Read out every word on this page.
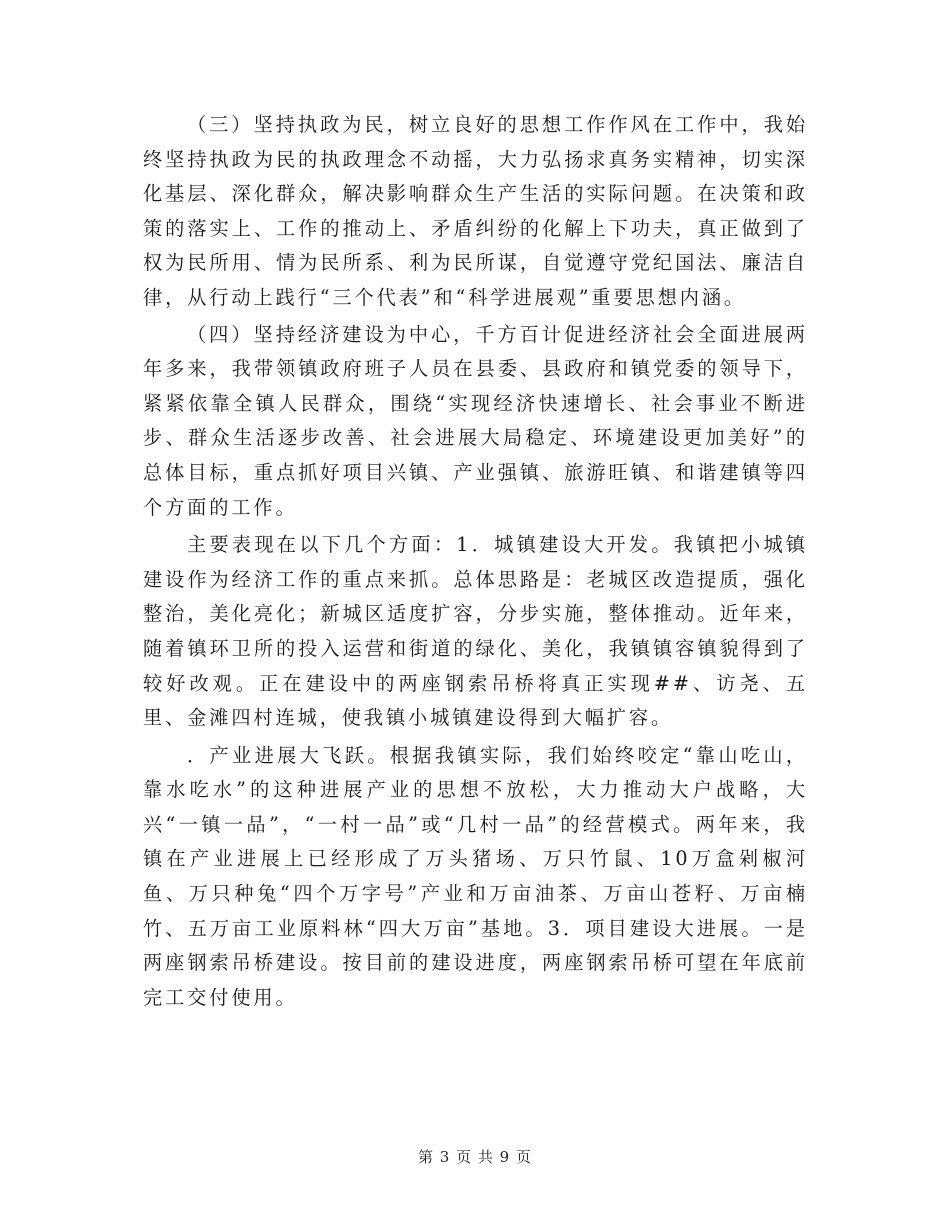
（三）坚持执政为民，树立良好的思想工作作风在工作中，我始终坚持执政为民的执政理念不动摇，大力弘扬求真务实精神，切实深化基层、深化群众，解决影响群众生产生活的实际问题。在决策和政策的落实上、工作的推动上、矛盾纠纷的化解上下功夫，真正做到了权为民所用、情为民所系、利为民所谋，自觉遵守党纪国法、廉洁自律，从行动上践行“三个代表”和“科学进展观”重要思想内涵。

（四）坚持经济建设为中心，千方百计促进经济社会全面进展两年多来，我带领镇政府班子人员在县委、县政府和镇党委的领导下，紧紧依靠全镇人民群众，围绕“实现经济快速增长、社会事业不断进步、群众生活逐步改善、社会进展大局稳定、环境建设更加美好”的总体目标，重点抓好项目兴镇、产业强镇、旅游旺镇、和谐建镇等四个方面的工作。

主要表现在以下几个方面：1．城镇建设大开发。我镇把小城镇建设作为经济工作的重点来抓。总体思路是：老城区改造提质，强化整治，美化亮化；新城区适度扩容，分步实施，整体推动。近年来，随着镇环卫所的投入运营和街道的绿化、美化，我镇镇容镇貌得到了较好改观。正在建设中的两座钢索吊桥将真正实现##、访尧、五里、金滩四村连城，使我镇小城镇建设得到大幅扩容。

．产业进展大飞跃。根据我镇实际，我们始终咬定“靠山吃山，靠水吃水”的这种进展产业的思想不放松，大力推动大户战略，大兴“一镇一品”，“一村一品”或“几村一品”的经营模式。两年来，我镇在产业进展上已经形成了万头猪场、万只竹鼠、10万盒剁椒河鱼、万只种兔“四个万字号”产业和万亩油茶、万亩山苍籽、万亩楠竹、五万亩工业原料林“四大万亩”基地。3．项目建设大进展。一是两座钢索吊桥建设。按目前的建设进度，两座钢索吊桥可望在年底前完工交付使用。

第 3 页 共 9 页
